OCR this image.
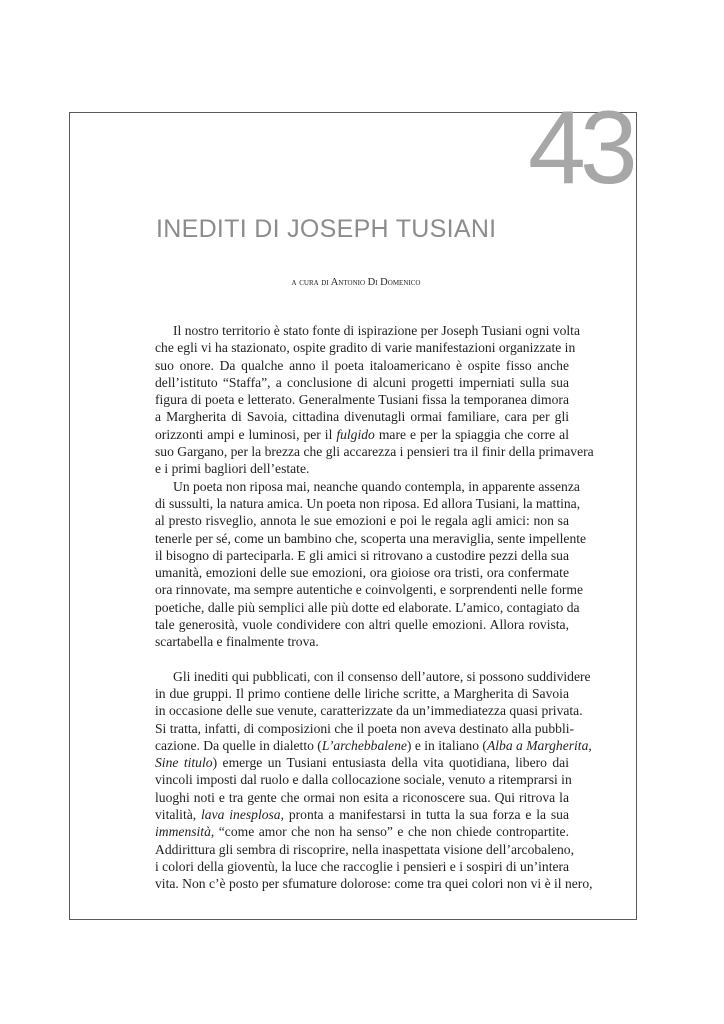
43
INEDITI DI JOSEPH TUSIANI
a cura di Antonio Di Domenico

Il nostro territorio è stato fonte di ispirazione per Joseph Tusiani ogni volta
che egli vi ha stazionato, ospite gradito di varie manifestazioni organizzate in
suo onore. Da qualche anno il poeta italoamericano è ospite fisso anche
dell’istituto “Staffa”, a conclusione di alcuni progetti imperniati sulla sua
figura di poeta e letterato. Generalmente Tusiani fissa la temporanea dimora
a Margherita di Savoia, cittadina divenutagli ormai familiare, cara per gli
orizzonti ampi e luminosi, per il fulgido mare e per la spiaggia che corre al
suo Gargano, per la brezza che gli accarezza i pensieri tra il finir della primavera
e i primi bagliori dell’estate.

Un poeta non riposa mai, neanche quando contempla, in apparente assenza
di sussulti, la natura amica. Un poeta non riposa. Ed allora Tusiani, la mattina,
al presto risveglio, annota le sue emozioni e poi le regala agli amici: non sa
tenerle per sé, come un bambino che, scoperta una meraviglia, sente impellente
il bisogno di parteciparla. E gli amici si ritrovano a custodire pezzi della sua
umanità, emozioni delle sue emozioni, ora gioiose ora tristi, ora confermate
ora rinnovate, ma sempre autentiche e coinvolgenti, e sorprendenti nelle forme
poetiche, dalle più semplici alle più dotte ed elaborate. L’amico, contagiato da
tale generosità, vuole condividere con altri quelle emozioni. Allora rovista,
scartabella e finalmente trova.

Gli inediti qui pubblicati, con il consenso dell’autore, si possono suddividere
in due gruppi. Il primo contiene delle liriche scritte, a Margherita di Savoia
in occasione delle sue venute, caratterizzate da un’immediatezza quasi privata.
Si tratta, infatti, di composizioni che il poeta non aveva destinato alla pubbli-
cazione. Da quelle in dialetto (L’archebbalene) e in italiano (Alba a Margherita,
Sine titulo) emerge un Tusiani entusiasta della vita quotidiana, libero dai
vincoli imposti dal ruolo e dalla collocazione sociale, venuto a ritemprarsi in
luoghi noti e tra gente che ormai non esita a riconoscere sua. Qui ritrova la
vitalità, lava inesplosa, pronta a manifestarsi in tutta la sua forza e la sua
immensità, “come amor che non ha senso” e che non chiede contropartite.
Addirittura gli sembra di riscoprire, nella inaspettata visione dell’arcobaleno,
i colori della gioventù, la luce che raccoglie i pensieri e i sospiri di un’intera
vita. Non c’è posto per sfumature dolorose: come tra quei colori non vi è il nero,
